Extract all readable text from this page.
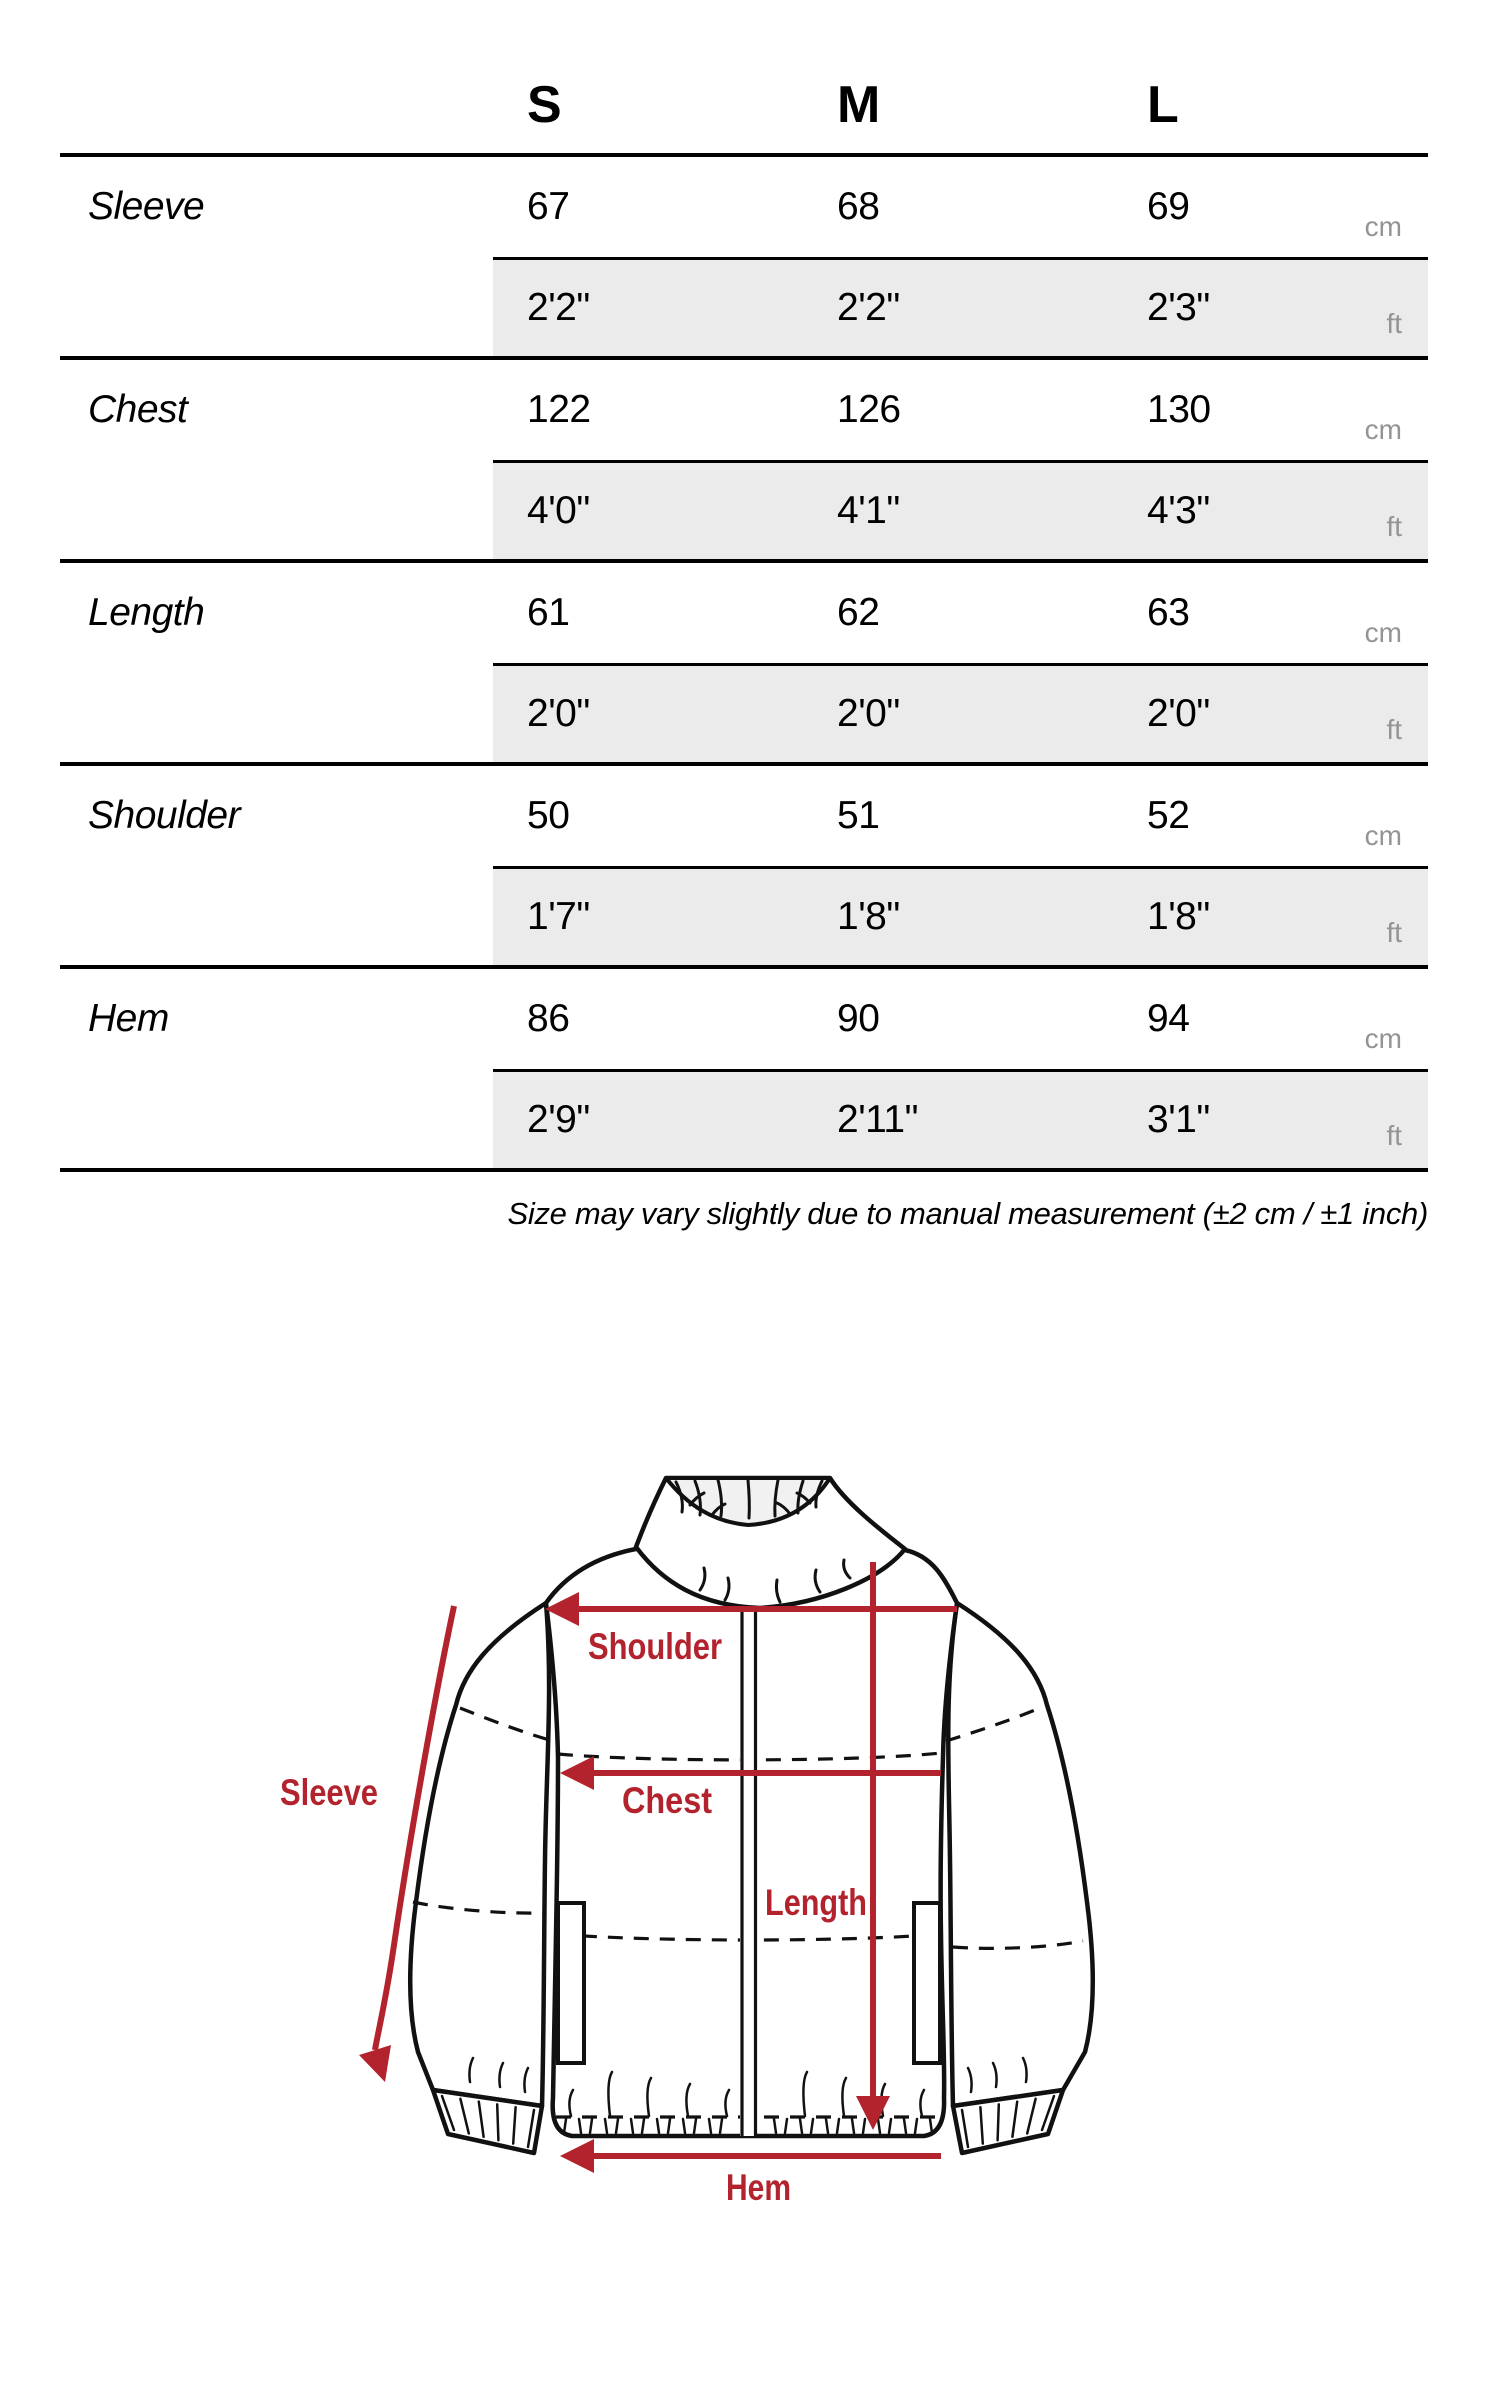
S	M	L
Sleeve	67	68	69	cm
2'2"	2'2"	2'3"	ft
Chest	122	126	130	cm
4'0"	4'1"	4'3"	ft
Length	61	62	63	cm
2'0"	2'0"	2'0"	ft
Shoulder	50	51	52	cm
1'7"	1'8"	1'8"	ft
Hem	86	90	94	cm
2'9"	2'11"	3'1"	ft
Size may vary slightly due to manual measurement (±2 cm / ±1 inch)
Shoulder
Chest
Length
Sleeve
Hem
